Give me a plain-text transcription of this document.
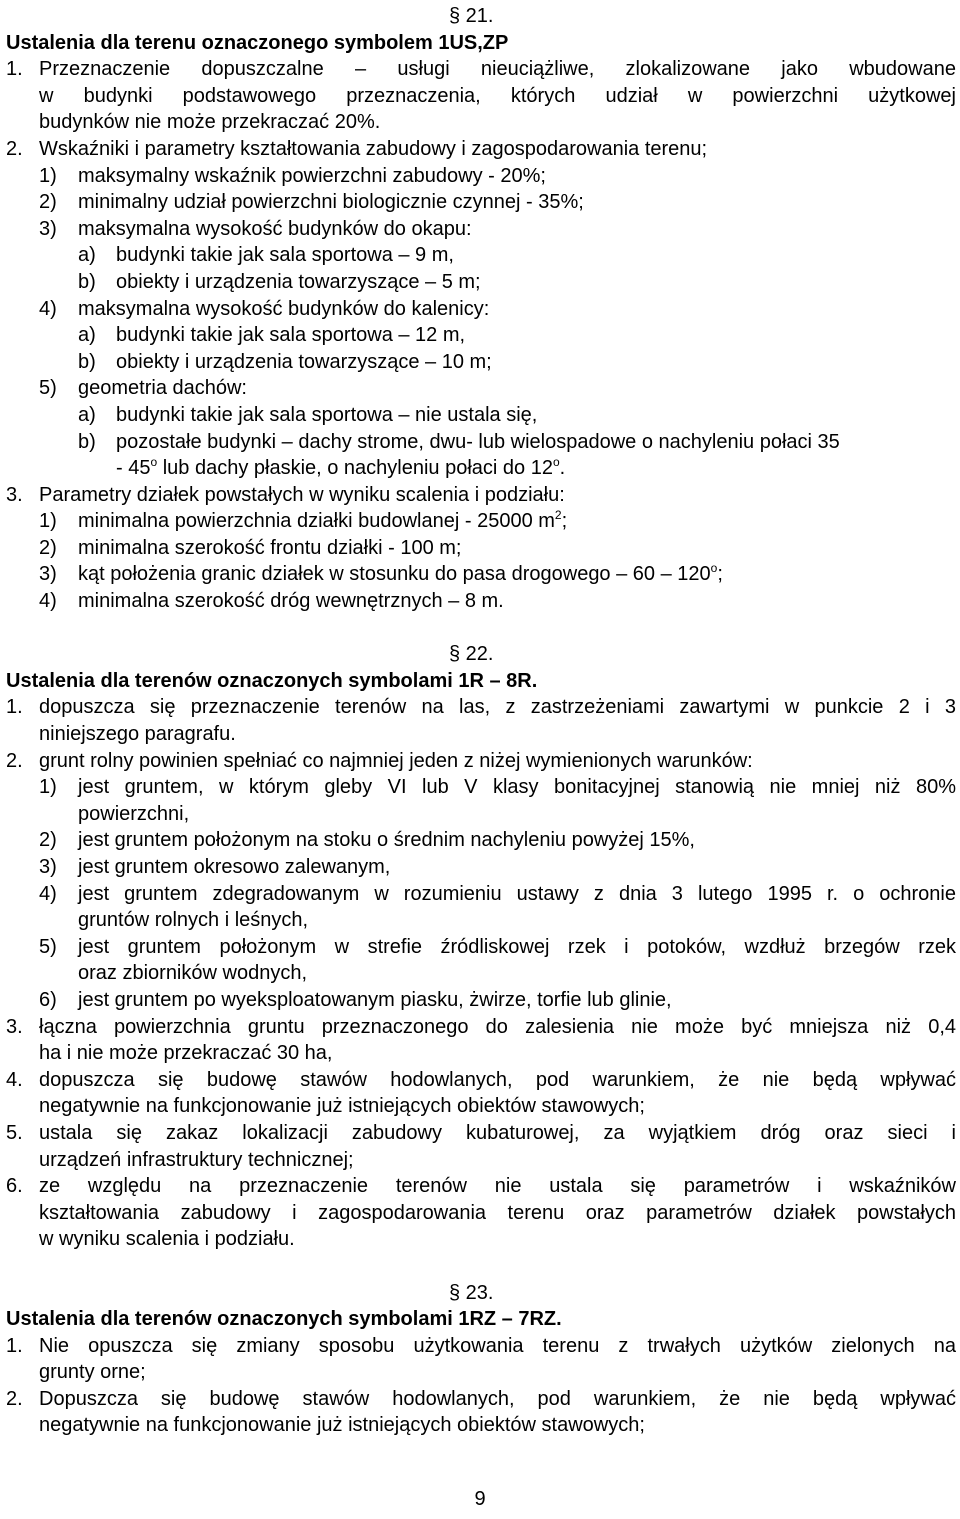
§ 21.
Ustalenia dla terenu oznaczonego symbolem 1US,ZP
1. Przeznaczenie dopuszczalne – usługi nieuciążliwe, zlokalizowane jako wbudowane
w budynki podstawowego przeznaczenia, których udział w powierzchni użytkowej
budynków nie może przekraczać 20%.
2. Wskaźniki i parametry kształtowania zabudowy i zagospodarowania terenu;
1) maksymalny wskaźnik powierzchni zabudowy - 20%;
2) minimalny udział powierzchni biologicznie czynnej - 35%;
3) maksymalna wysokość budynków do okapu:
a) budynki takie jak sala sportowa – 9 m,
b) obiekty i urządzenia towarzyszące – 5 m;
4) maksymalna wysokość budynków do kalenicy:
a) budynki takie jak sala sportowa – 12 m,
b) obiekty i urządzenia towarzyszące – 10 m;
5) geometria dachów:
a) budynki takie jak sala sportowa – nie ustala się,
b) pozostałe budynki – dachy strome, dwu- lub wielospadowe o nachyleniu połaci 35
- 45$^o$ lub dachy płaskie, o nachyleniu połaci do 12$^o$.
3. Parametry działek powstałych w wyniku scalenia i podziału:
1) minimalna powierzchnia działki budowlanej - 25000 $m^2$;
2) minimalna szerokość frontu działki - 100 m;
3) kąt położenia granic działek w stosunku do pasa drogowego – 60 – 120$^o$;
4) minimalna szerokość dróg wewnętrznych – 8 m.
§ 22.
Ustalenia dla terenów oznaczonych symbolami 1R – 8R.
1. dopuszcza się przeznaczenie terenów na las, z zastrzeżeniami zawartymi w punkcie 2 i 3
niniejszego paragrafu.
2. grunt rolny powinien spełniać co najmniej jeden z niżej wymienionych warunków:
1) jest gruntem, w którym gleby VI lub V klasy bonitacyjnej stanowią nie mniej niż 80%
powierzchni,
2) jest gruntem położonym na stoku o średnim nachyleniu powyżej 15%,
3) jest gruntem okresowo zalewanym,
4) jest gruntem zdegradowanym w rozumieniu ustawy z dnia 3 lutego 1995 r. o ochronie
gruntów rolnych i leśnych,
5) jest gruntem położonym w strefie źródliskowej rzek i potoków, wzdłuż brzegów rzek
oraz zbiorników wodnych,
6) jest gruntem po wyeksploatowanym piasku, żwirze, torfie lub glinie,
3. łączna powierzchnia gruntu przeznaczonego do zalesienia nie może być mniejsza niż 0,4
ha i nie może przekraczać 30 ha,
4. dopuszcza się budowę stawów hodowlanych, pod warunkiem, że nie będą wpływać
negatywnie na funkcjonowanie już istniejących obiektów stawowych;
5. ustala się zakaz lokalizacji zabudowy kubaturowej, za wyjątkiem dróg oraz sieci i
urządzeń infrastruktury technicznej;
6. ze względu na przeznaczenie terenów nie ustala się parametrów i wskaźników
kształtowania zabudowy i zagospodarowania terenu oraz parametrów działek powstałych
w wyniku scalenia i podziału.
§ 23.
Ustalenia dla terenów oznaczonych symbolami 1RZ – 7RZ.
1. Nie opuszcza się zmiany sposobu użytkowania terenu z trwałych użytków zielonych na
grunty orne;
2. Dopuszcza się budowę stawów hodowlanych, pod warunkiem, że nie będą wpływać
negatywnie na funkcjonowanie już istniejących obiektów stawowych;
9
